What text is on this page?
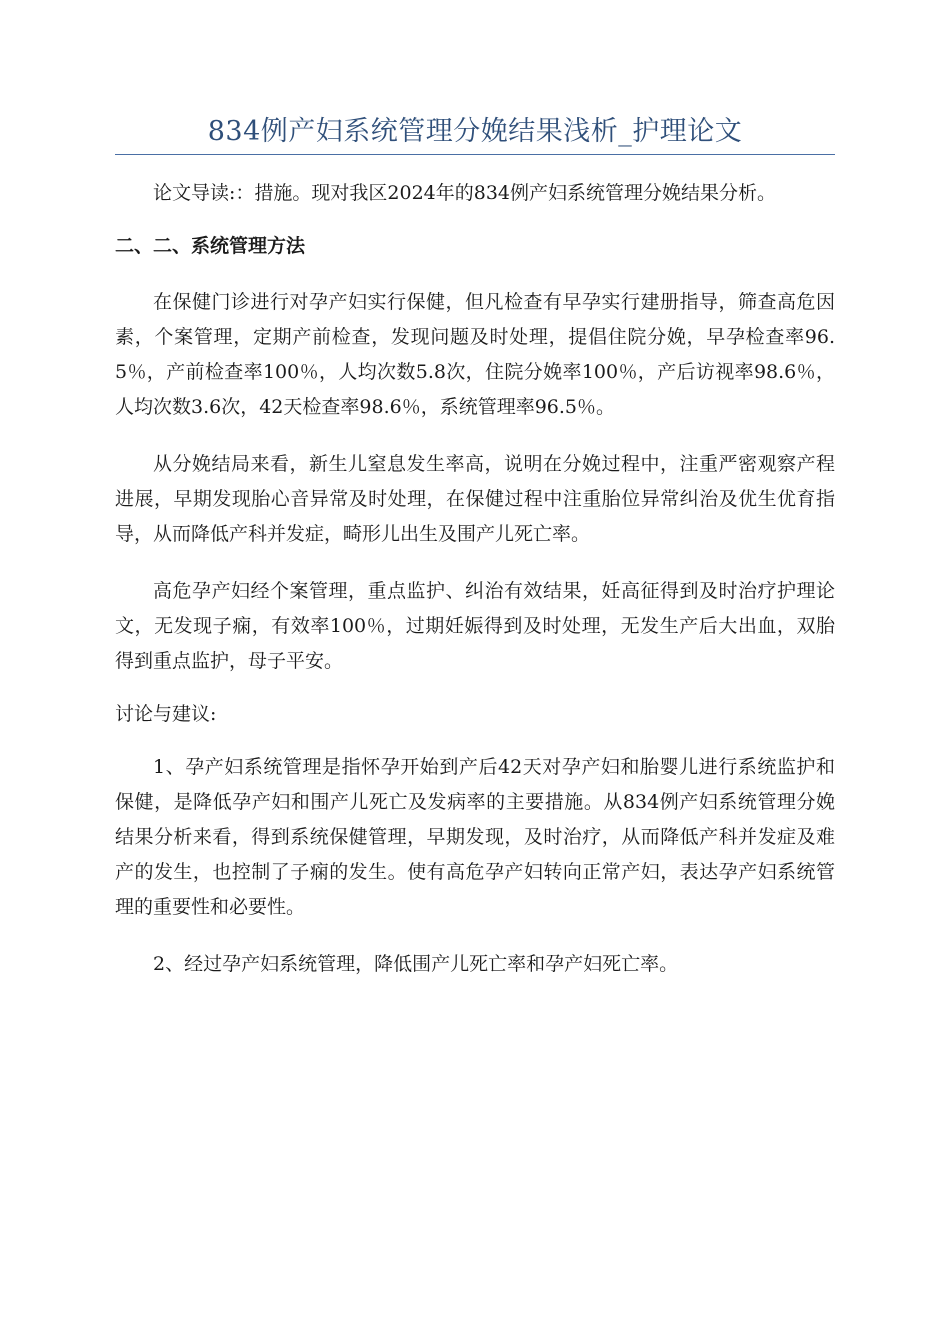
834例产妇系统管理分娩结果浅析_护理论文

论文导读:：措施。现对我区2024年的834例产妇系统管理分娩结果分析。

二、二、系统管理方法

在保健门诊进行对孕产妇实行保健，但凡检查有早孕实行建册指导，筛查高危因素，个案管理，定期产前检查，发现问题及时处理，提倡住院分娩，早孕检查率96.5％，产前检查率100％，人均次数5.8次，住院分娩率100％，产后访视率98.6％，人均次数3.6次，42天检查率98.6％，系统管理率96.5％。

从分娩结局来看，新生儿窒息发生率高，说明在分娩过程中，注重严密观察产程进展，早期发现胎心音异常及时处理，在保健过程中注重胎位异常纠治及优生优育指导，从而降低产科并发症，畸形儿出生及围产儿死亡率。

高危孕产妇经个案管理，重点监护、纠治有效结果，妊高征得到及时治疗护理论文，无发现子痫，有效率100％，过期妊娠得到及时处理，无发生产后大出血，双胎得到重点监护，母子平安。

讨论与建议:

1、孕产妇系统管理是指怀孕开始到产后42天对孕产妇和胎婴儿进行系统监护和保健，是降低孕产妇和围产儿死亡及发病率的主要措施。从834例产妇系统管理分娩结果分析来看，得到系统保健管理，早期发现，及时治疗，从而降低产科并发症及难产的发生，也控制了子痫的发生。使有高危孕产妇转向正常产妇，表达孕产妇系统管理的重要性和必要性。

2、经过孕产妇系统管理，降低围产儿死亡率和孕产妇死亡率。
